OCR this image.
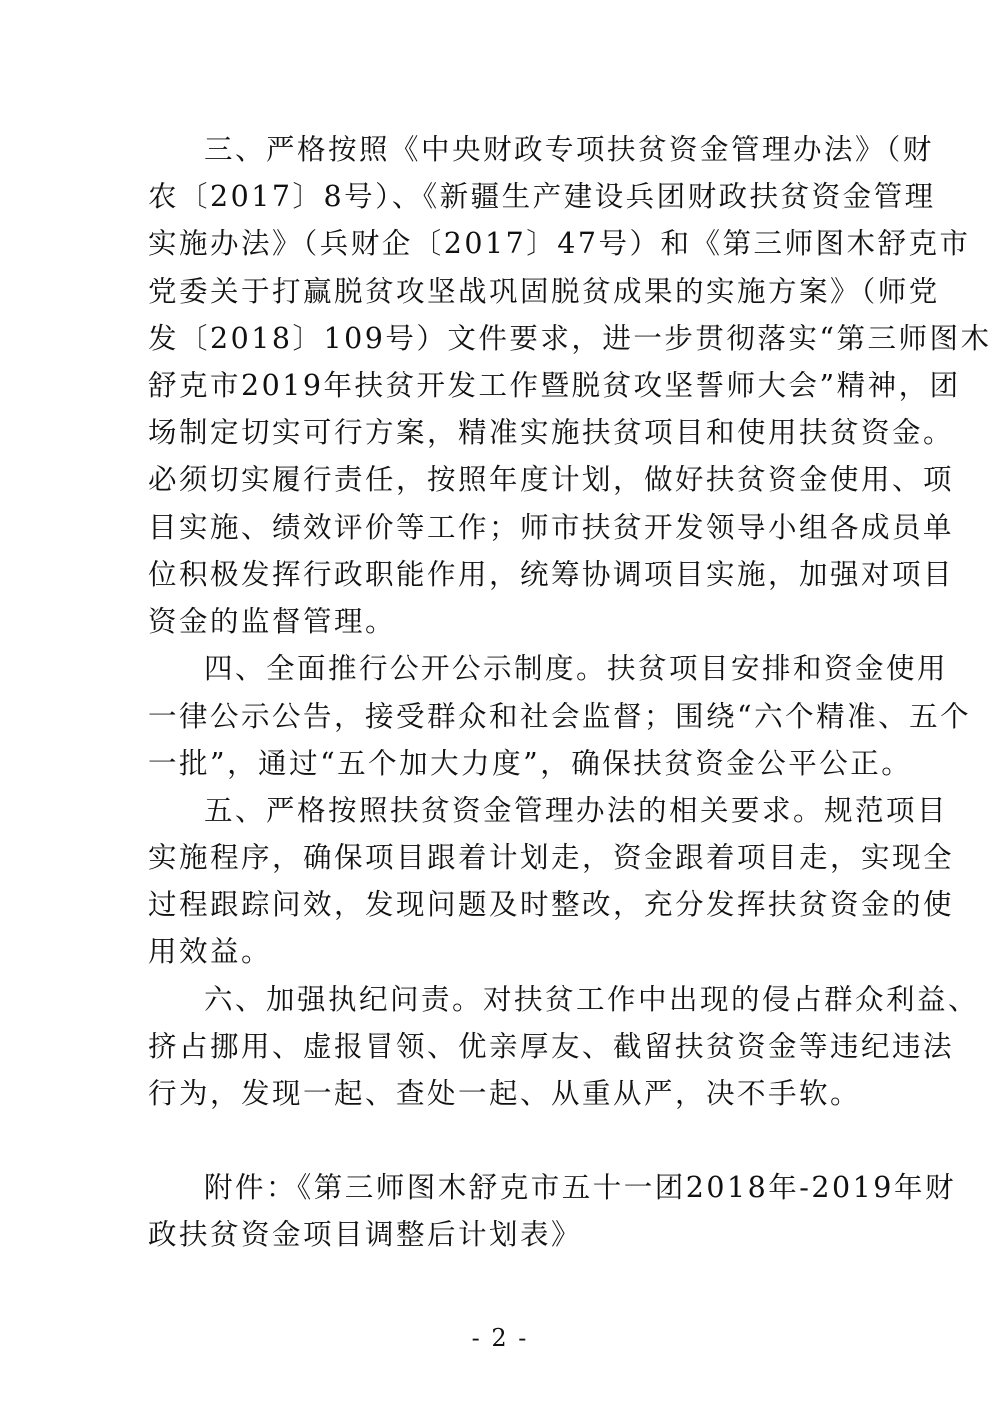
三、严格按照《中央财政专项扶贫资金管理办法》（财
农〔2017〕8号）、《新疆生产建设兵团财政扶贫资金管理
实施办法》（兵财企〔2017〕47号）和《第三师图木舒克市
党委关于打赢脱贫攻坚战巩固脱贫成果的实施方案》（师党
发〔2018〕109号）文件要求，进一步贯彻落实“第三师图木
舒克市2019年扶贫开发工作暨脱贫攻坚誓师大会”精神，团
场制定切实可行方案，精准实施扶贫项目和使用扶贫资金。
必须切实履行责任，按照年度计划，做好扶贫资金使用、项
目实施、绩效评价等工作；师市扶贫开发领导小组各成员单
位积极发挥行政职能作用，统筹协调项目实施，加强对项目
资金的监督管理。
四、全面推行公开公示制度。扶贫项目安排和资金使用
一律公示公告，接受群众和社会监督；围绕“六个精准、五个
一批”，通过“五个加大力度”，确保扶贫资金公平公正。
五、严格按照扶贫资金管理办法的相关要求。规范项目
实施程序，确保项目跟着计划走，资金跟着项目走，实现全
过程跟踪问效，发现问题及时整改，充分发挥扶贫资金的使
用效益。
六、加强执纪问责。对扶贫工作中出现的侵占群众利益、
挤占挪用、虚报冒领、优亲厚友、截留扶贫资金等违纪违法
行为，发现一起、查处一起、从重从严，决不手软。
附件：《第三师图木舒克市五十一团2018年-2019年财
政扶贫资金项目调整后计划表》
- 2 -
